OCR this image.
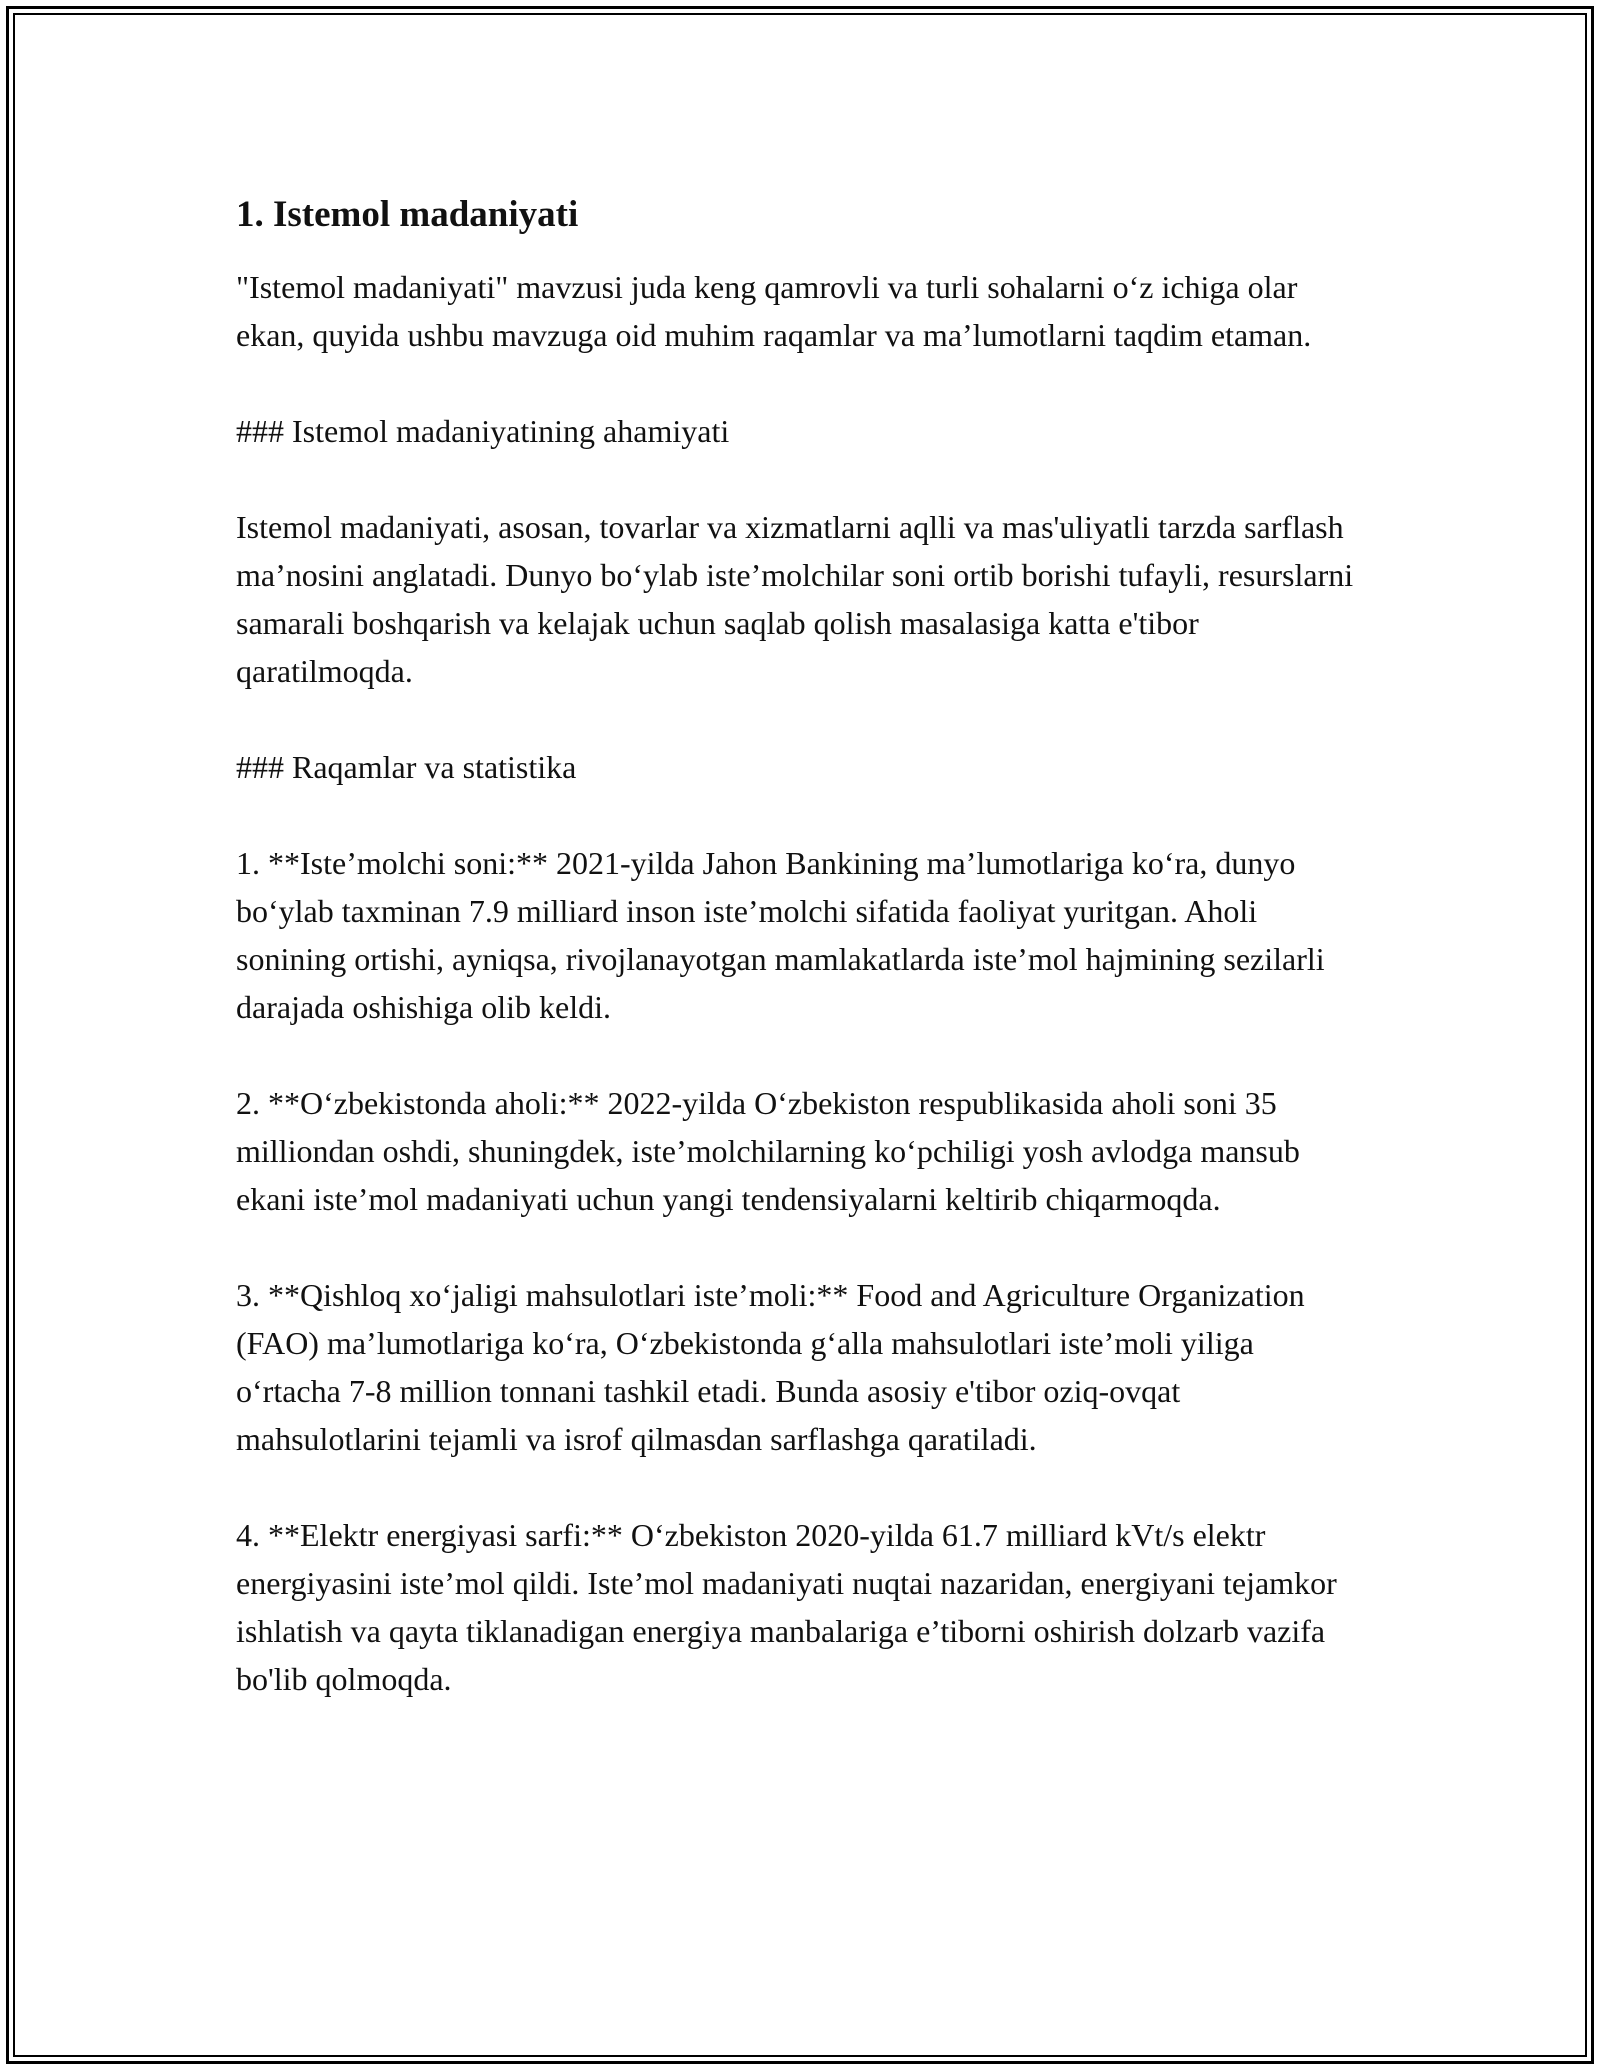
1. Istemol madaniyati

"Istemol madaniyati" mavzusi juda keng qamrovli va turli sohalarni o‘z ichiga olar ekan, quyida ushbu mavzuga oid muhim raqamlar va ma’lumotlarni taqdim etaman.

### Istemol madaniyatining ahamiyati

Istemol madaniyati, asosan, tovarlar va xizmatlarni aqlli va mas'uliyatli tarzda sarflash ma’nosini anglatadi. Dunyo bo‘ylab iste’molchilar soni ortib borishi tufayli, resurslarni samarali boshqarish va kelajak uchun saqlab qolish masalasiga katta e'tibor qaratilmoqda.

### Raqamlar va statistika

1. **Iste’molchi soni:** 2021-yilda Jahon Bankining ma’lumotlariga ko‘ra, dunyo bo‘ylab taxminan 7.9 milliard inson iste’molchi sifatida faoliyat yuritgan. Aholi sonining ortishi, ayniqsa, rivojlanayotgan mamlakatlarda iste’mol hajmining sezilarli darajada oshishiga olib keldi.

2. **O‘zbekistonda aholi:** 2022-yilda O‘zbekiston respublikasida aholi soni 35 milliondan oshdi, shuningdek, iste’molchilarning ko‘pchiligi yosh avlodga mansub ekani iste’mol madaniyati uchun yangi tendensiyalarni keltirib chiqarmoqda.

3. **Qishloq xo‘jaligi mahsulotlari iste’moli:** Food and Agriculture Organization (FAO) ma’lumotlariga ko‘ra, O‘zbekistonda g‘alla mahsulotlari iste’moli yiliga o‘rtacha 7-8 million tonnani tashkil etadi. Bunda asosiy e'tibor oziq-ovqat mahsulotlarini tejamli va isrof qilmasdan sarflashga qaratiladi.

4. **Elektr energiyasi sarfi:** O‘zbekiston 2020-yilda 61.7 milliard kVt/s elektr energiyasini iste’mol qildi. Iste’mol madaniyati nuqtai nazaridan, energiyani tejamkor ishlatish va qayta tiklanadigan energiya manbalariga e’tiborni oshirish dolzarb vazifa bo'lib qolmoqda.
